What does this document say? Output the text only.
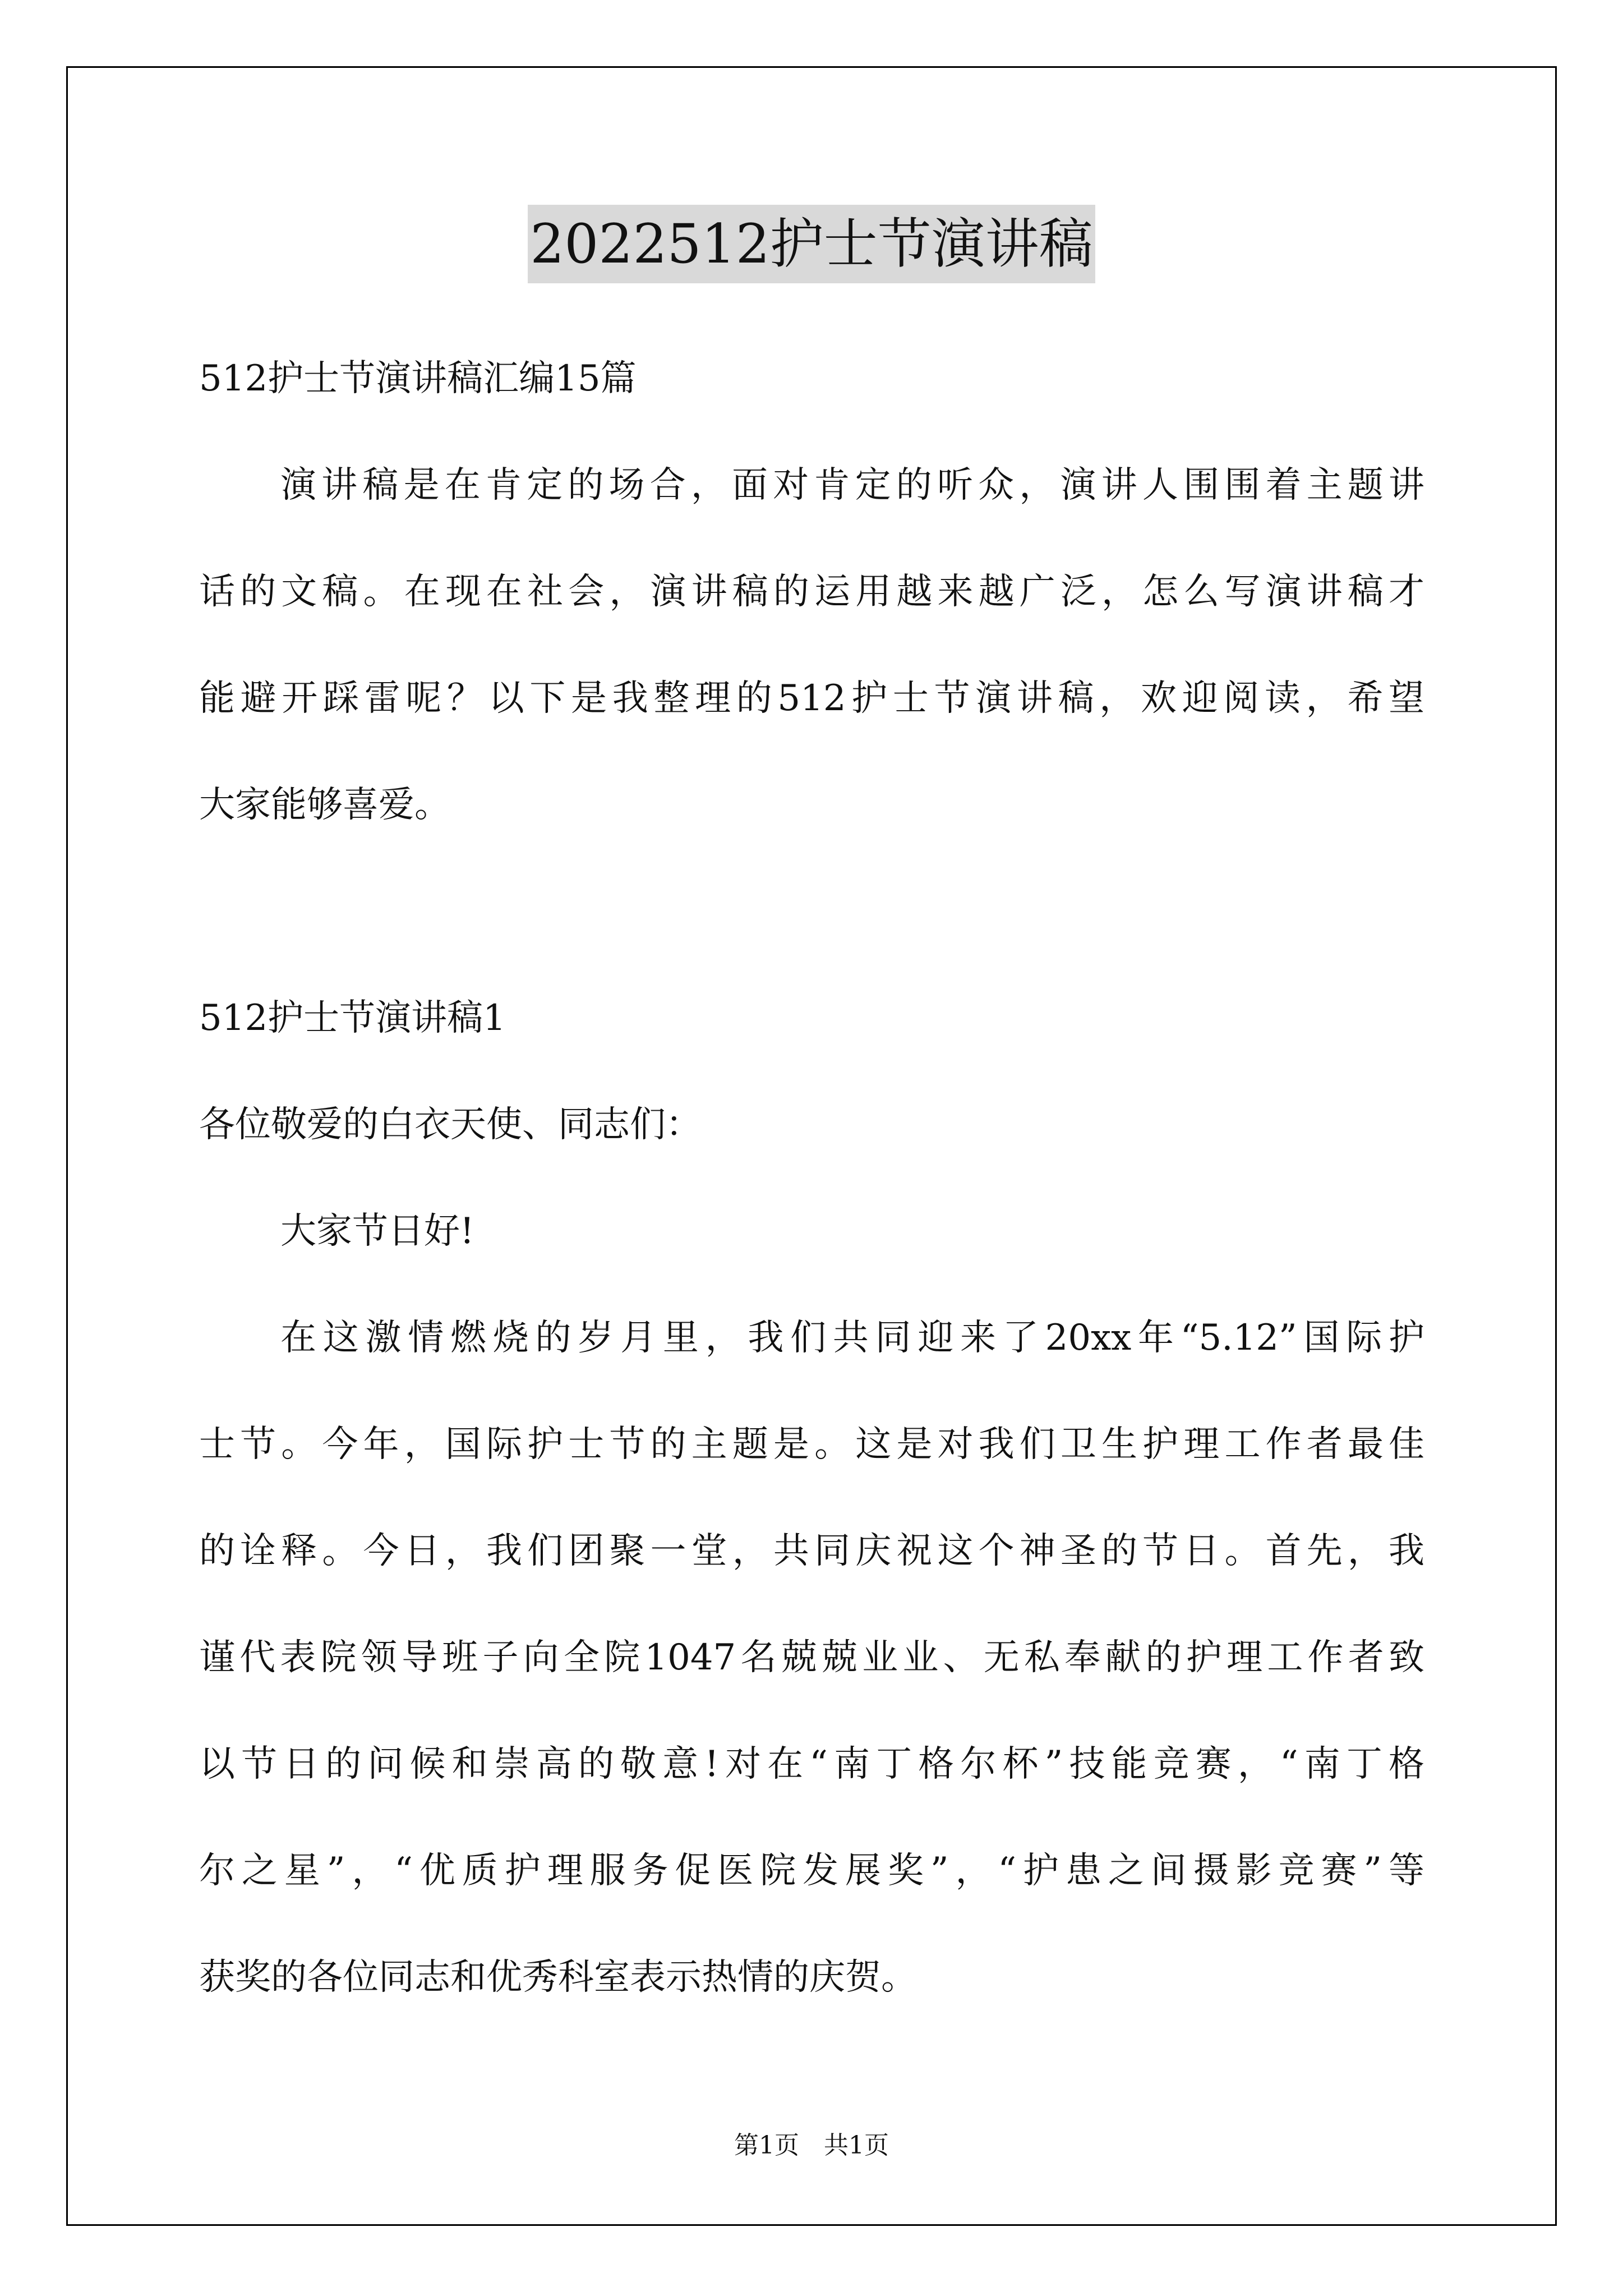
2022512护士节演讲稿
512护士节演讲稿汇编15篇
演讲稿是在肯定的场合，面对肯定的听众，演讲人围围着主题讲
话的文稿。在现在社会，演讲稿的运用越来越广泛，怎么写演讲稿才
能避开踩雷呢？以下是我整理的512护士节演讲稿，欢迎阅读，希望
大家能够喜爱。
512护士节演讲稿1
各位敬爱的白衣天使、同志们：
大家节日好!
在这激情燃烧的岁月里，我们共同迎来了20xx年“5.12”国际护
士节。今年，国际护士节的主题是。这是对我们卫生护理工作者最佳
的诠释。今日，我们团聚一堂，共同庆祝这个神圣的节日。首先，我
谨代表院领导班子向全院1047名兢兢业业、无私奉献的护理工作者致
以节日的问候和崇高的敬意!对在“南丁格尔杯”技能竞赛，“南丁格
尔之星”，“优质护理服务促医院发展奖”，“护患之间摄影竞赛”等
获奖的各位同志和优秀科室表示热情的庆贺。
第1页　共1页
